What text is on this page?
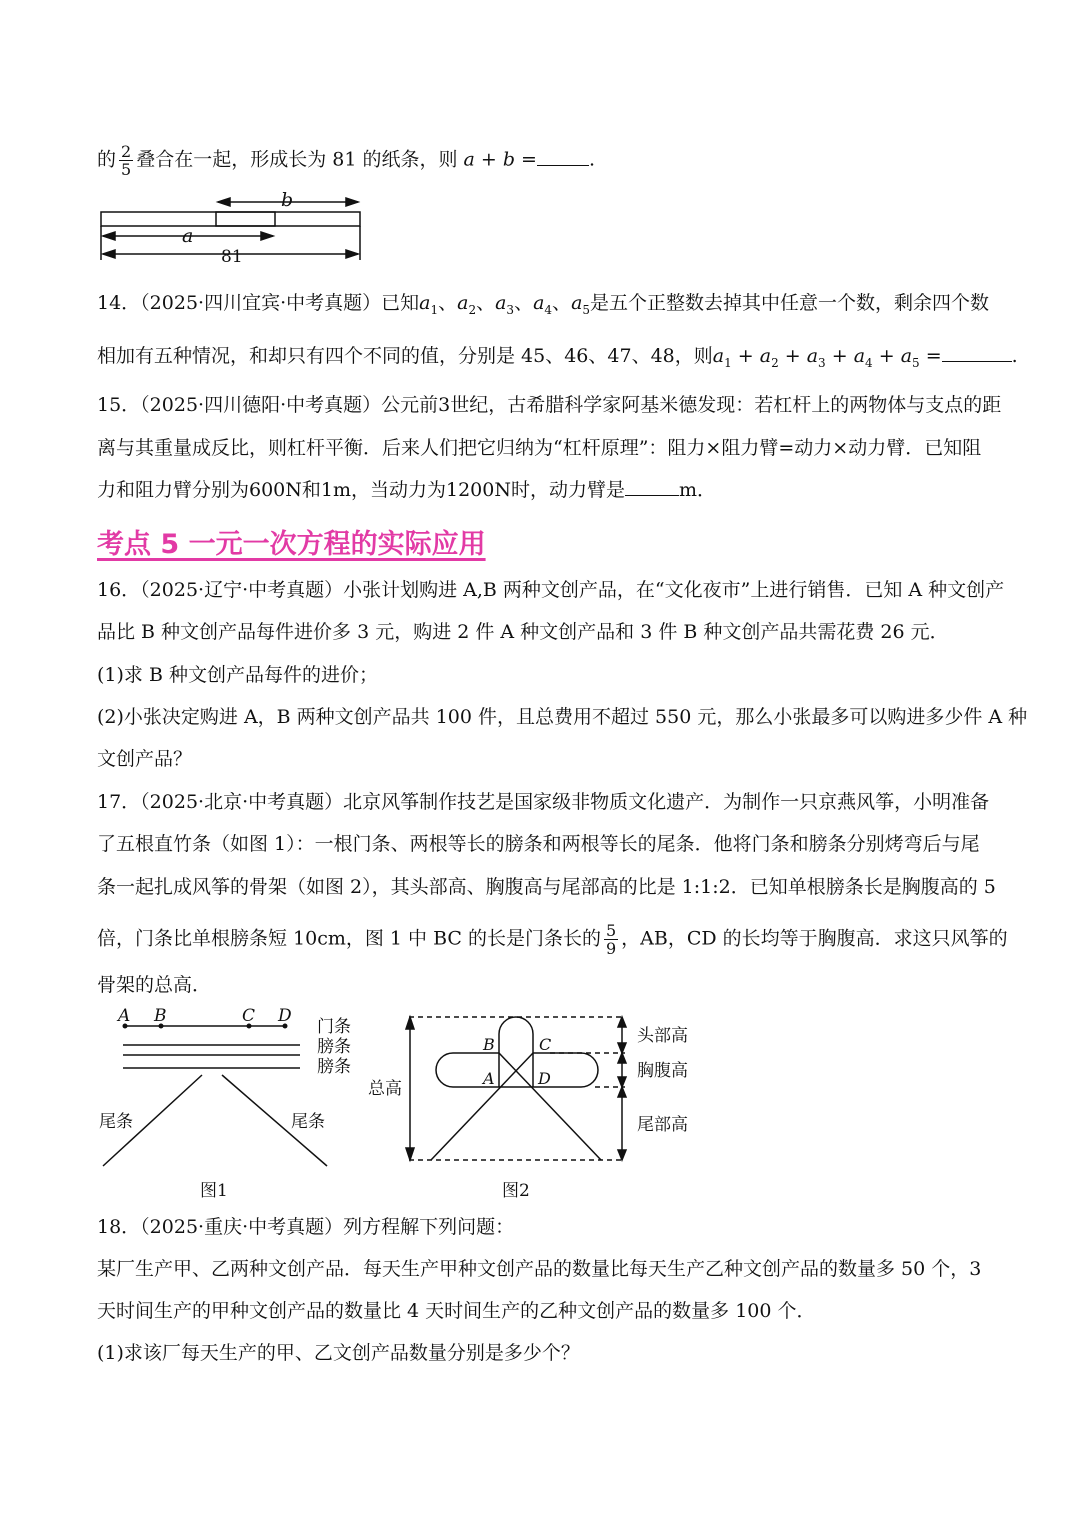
的 $\frac{2}{5}$ 叠合在一起，形成长为 81 的纸条，则 a + b =	.
b
a
81
14．（2025·四川宜宾·中考真题）已知$a_1$、$a_2$、$a_3$、$a_4$、$a_5$是五个正整数去掉其中任意一个数，剩余四个数
相加有五种情况，和却只有四个不同的值，分别是 45、46、47、48，则$a_1 + a_2 + a_3 + a_4 + a_5$ =	.
15．（2025·四川德阳·中考真题）公元前3世纪，古希腊科学家阿基米德发现：若杠杆上的两物体与支点的距
离与其重量成反比，则杠杆平衡．后来人们把它归纳为“杠杆原理”：阻力×阻力臂=动力×动力臂．已知阻
力和阻力臂分别为600N和1m，当动力为1200N时，动力臂是	m．
考点 5 一元一次方程的实际应用
16．（2025·辽宁·中考真题）小张计划购进 A,B 两种文创产品，在“文化夜市”上进行销售．已知 A 种文创产
品比 B 种文创产品每件进价多 3 元，购进 2 件 A 种文创产品和 3 件 B 种文创产品共需花费 26 元．
(1)求 B 种文创产品每件的进价；
(2)小张决定购进 A，B 两种文创产品共 100 件，且总费用不超过 550 元，那么小张最多可以购进多少件 A 种
文创产品？
17．（2025·北京·中考真题）北京风筝制作技艺是国家级非物质文化遗产．为制作一只京燕风筝，小明准备
了五根直竹条（如图 1）：一根门条、两根等长的膀条和两根等长的尾条．他将门条和膀条分别烤弯后与尾
条一起扎成风筝的骨架（如图 2），其头部高、胸腹高与尾部高的比是 1:1:2．已知单根膀条长是胸腹高的 5
倍，门条比单根膀条短 10cm，图 1 中 BC 的长是门条长的 $\frac{5}{9}$ ，AB，CD 的长均等于胸腹高．求这只风筝的
骨架的总高．
A B	C D
门条
膀条
膀条
尾条	尾条
图1
B	C
A	D
总高
头部高
胸腹高
尾部高
图2
18．（2025·重庆·中考真题）列方程解下列问题：
某厂生产甲、乙两种文创产品．每天生产甲种文创产品的数量比每天生产乙种文创产品的数量多 50 个，3
天时间生产的甲种文创产品的数量比 4 天时间生产的乙种文创产品的数量多 100 个．
(1)求该厂每天生产的甲、乙文创产品数量分别是多少个？
